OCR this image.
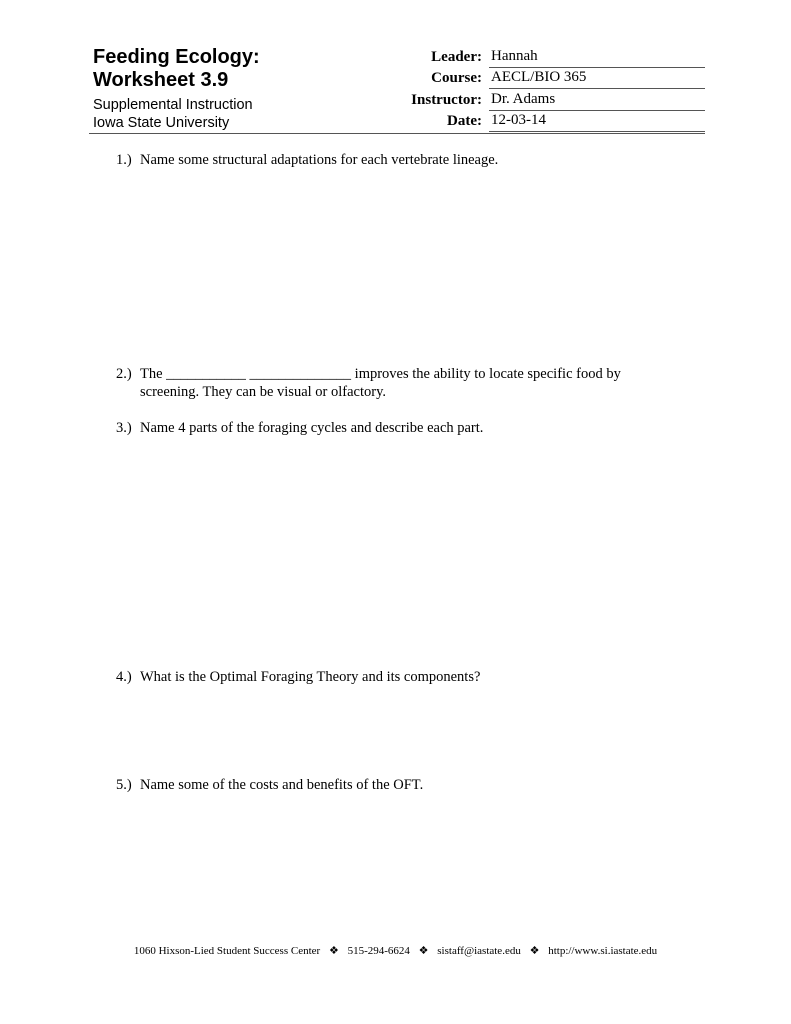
Feeding Ecology:
Worksheet 3.9
Supplemental Instruction
Iowa State University
Leader: Hannah
Course: AECL/BIO 365
Instructor: Dr. Adams
Date: 12-03-14
1.) Name some structural adaptations for each vertebrate lineage.
2.) The ___________ ______________ improves the ability to locate specific food by screening. They can be visual or olfactory.
3.) Name 4 parts of the foraging cycles and describe each part.
4.) What is the Optimal Foraging Theory and its components?
5.) Name some of the costs and benefits of the OFT.
1060 Hixson-Lied Student Success Center ❖ 515-294-6624 ❖ sistaff@iastate.edu ❖ http://www.si.iastate.edu
